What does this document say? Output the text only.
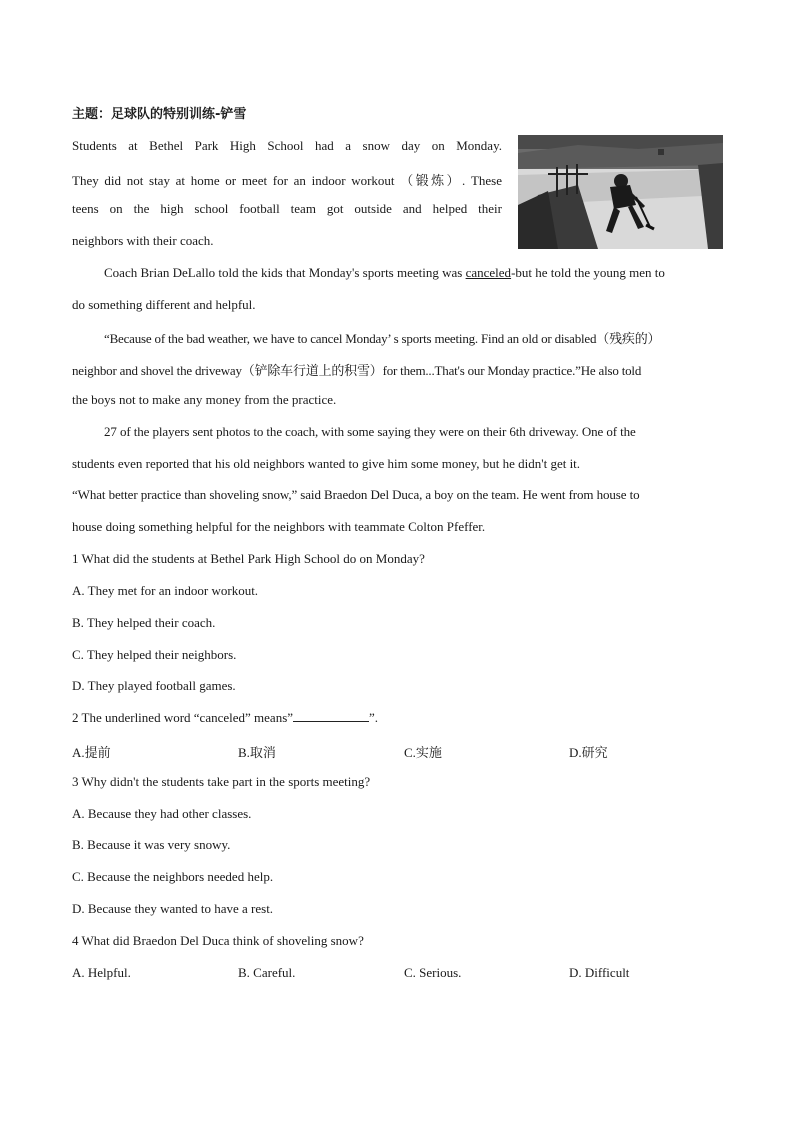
主题：足球队的特别训练-铲雪
Students at Bethel Park High School had a snow day on Monday.
They did not stay at home or meet for an indoor workout （锻炼）. These
teens on the high school football team got outside and helped their
neighbors with their coach.
Coach Brian DeLallo told the kids that Monday's sports meeting was canceled-but he told the young men to
do something different and helpful.
“Because of the bad weather, we have to cancel Monday’ s sports meeting. Find an old or disabled（残疾的）
neighbor and shovel the driveway（铲除车行道上的积雪）for them...That's our Monday practice.”He also told
the boys not to make any money from the practice.
27 of the players sent photos to the coach, with some saying they were on their 6th driveway. One of the
students even reported that his old neighbors wanted to give him some money, but he didn't get it.
“What better practice than shoveling snow,” said Braedon Del Duca, a boy on the team. He went from house to
house doing something helpful for the neighbors with teammate Colton Pfeffer.
1 What did the students at Bethel Park High School do on Monday?
A. They met for an indoor workout.
B. They helped their coach.
C. They helped their neighbors.
D. They played football games.
2 The underlined word “canceled” means”	”.
A.提前	B.取消	C.实施	D.研究
3 Why didn't the students take part in the sports meeting?
A. Because they had other classes.
B. Because it was very snowy.
C. Because the neighbors needed help.
D. Because they wanted to have a rest.
4 What did Braedon Del Duca think of shoveling snow?
A. Helpful.	B. Careful.	C. Serious.	D. Difficult
